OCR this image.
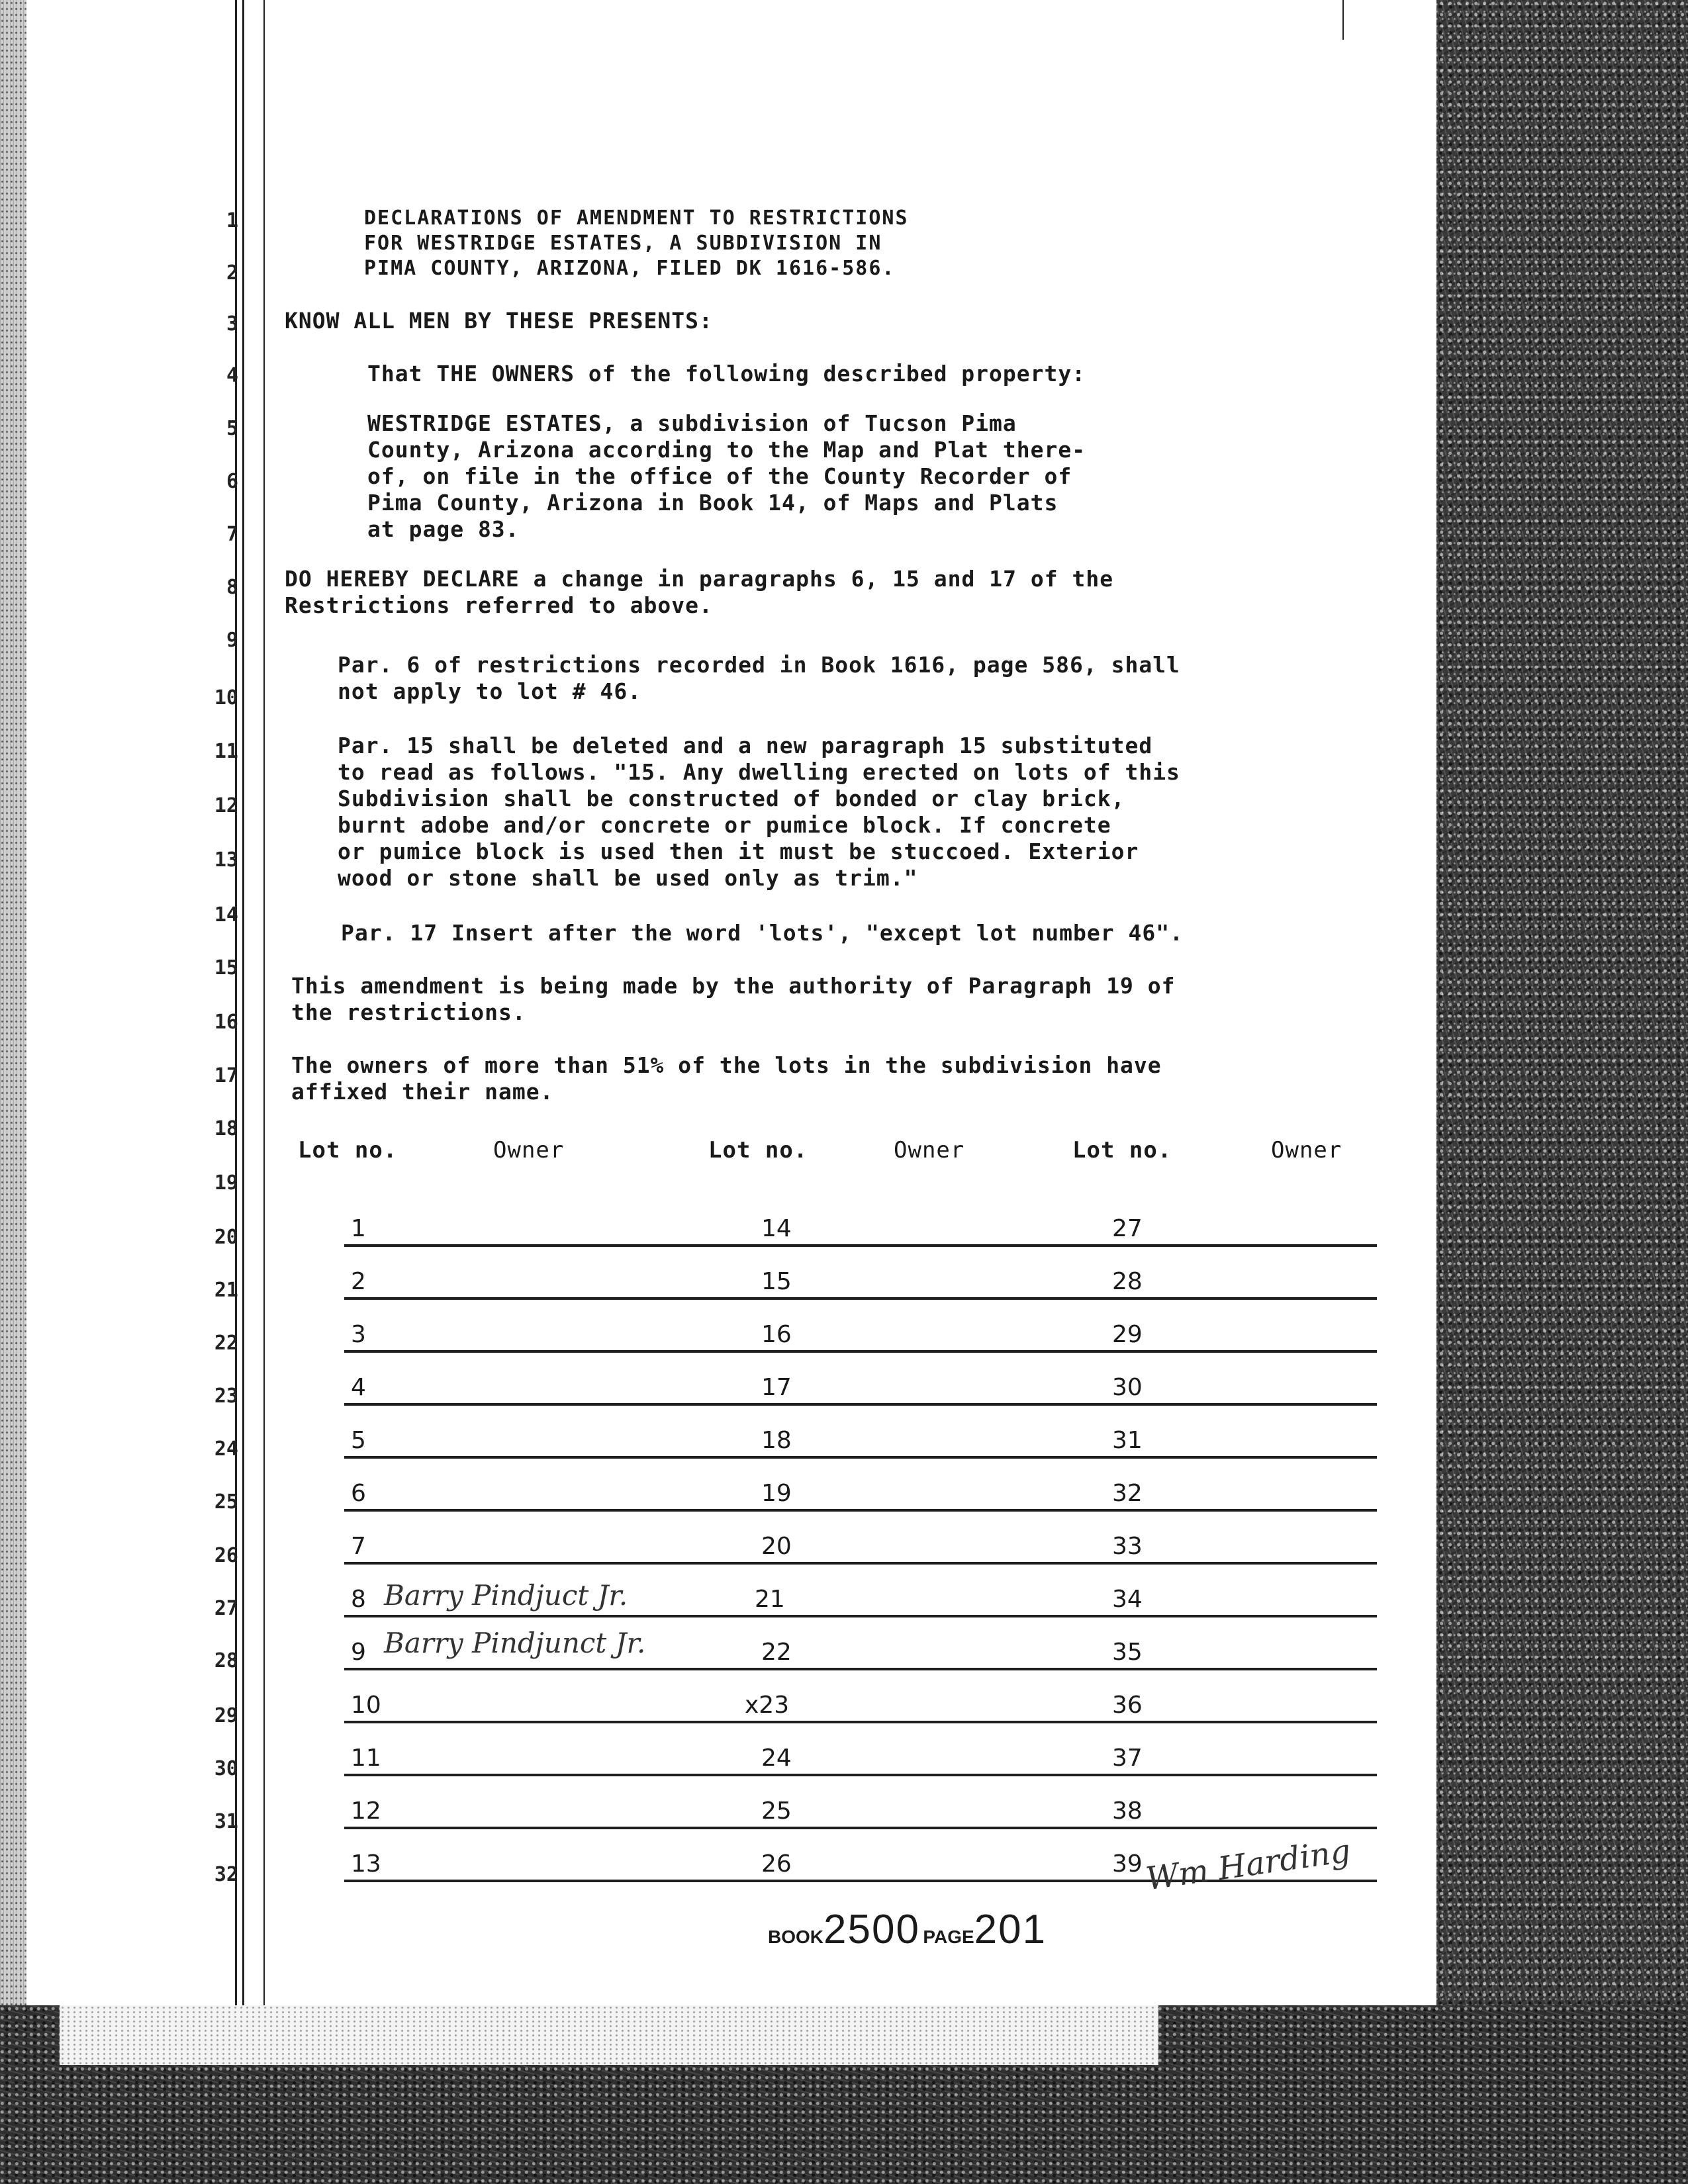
1
2
3
4
5
6
7
8
9
10
11
12
13
14
15
16
17
18
19
20
21
22
23
24
25
26
27
28
29
30
31
32
DECLARATIONS OF AMENDMENT TO RESTRICTIONS
FOR WESTRIDGE ESTATES, A SUBDIVISION IN
PIMA COUNTY, ARIZONA, FILED DK 1616-586.
KNOW ALL MEN BY THESE PRESENTS:
That THE OWNERS of the following described property:
WESTRIDGE ESTATES, a subdivision of Tucson Pima
County, Arizona according to the Map and Plat there-
of, on file in the office of the County Recorder of
Pima County, Arizona in Book 14, of Maps and Plats
at page 83.
DO HEREBY DECLARE a change in paragraphs 6, 15 and 17 of the
Restrictions referred to above.
Par. 6 of restrictions recorded in Book 1616, page 586, shall
not apply to lot # 46.
Par. 15 shall be deleted and a new paragraph 15 substituted
to read as follows. "15. Any dwelling erected on lots of this
Subdivision shall be constructed of bonded or clay brick,
burnt adobe and/or concrete or pumice block. If concrete
or pumice block is used then it must be stuccoed. Exterior
wood or stone shall be used only as trim."
Par. 17 Insert after the word 'lots', "except lot number 46".
This amendment is being made by the authority of Paragraph 19 of
the restrictions.
The owners of more than 51% of the lots in the subdivision have
affixed their name.
Lot no.	Owner	Lot no.	Owner	Lot no.	Owner
1	14	27
2	15	28
3	16	29
4	17	30
5	18	31
6	19	32
7	20	33
8 Barry Pindjuct Jr.	21	34
9 Barry Pindjunct Jr.	22	35
10	x23	36
11	24	37
12	25	38
13	26	39 Wm Harding
BOOK2500 PAGE201
